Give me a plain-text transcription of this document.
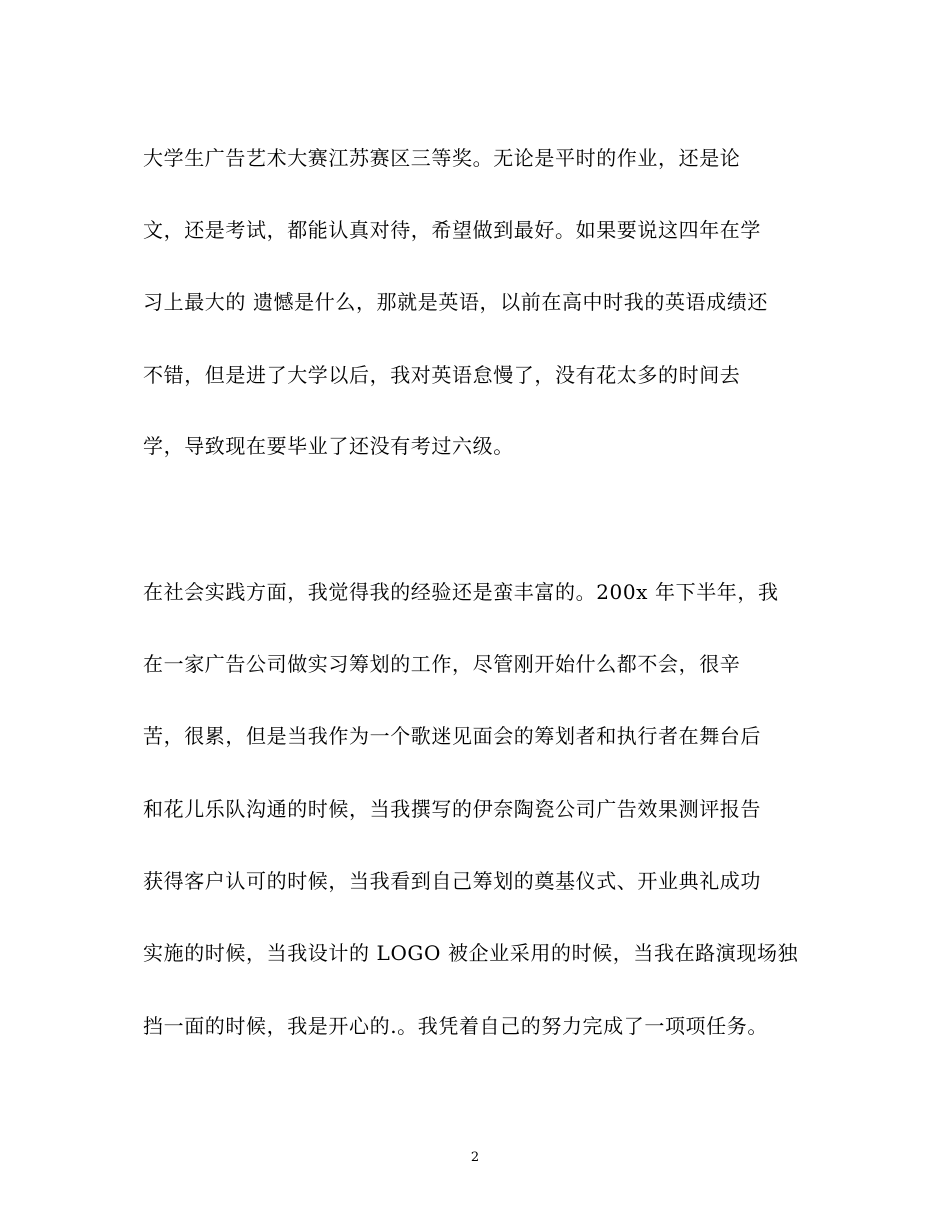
大学生广告艺术大赛江苏赛区三等奖。无论是平时的作业，还是论
文，还是考试，都能认真对待，希望做到最好。如果要说这四年在学
习上最大的 遗憾是什么，那就是英语，以前在高中时我的英语成绩还
不错，但是进了大学以后，我对英语怠慢了，没有花太多的时间去
学，导致现在要毕业了还没有考过六级。
在社会实践方面，我觉得我的经验还是蛮丰富的。200x 年下半年，我
在一家广告公司做实习筹划的工作，尽管刚开始什么都不会，很辛
苦，很累，但是当我作为一个歌迷见面会的筹划者和执行者在舞台后
和花儿乐队沟通的时候，当我撰写的伊奈陶瓷公司广告效果测评报告
获得客户认可的时候，当我看到自己筹划的奠基仪式、开业典礼成功
实施的时候，当我设计的 LOGO 被企业采用的时候，当我在路演现场独
挡一面的时候，我是开心的.。我凭着自己的努力完成了一项项任务。
2
